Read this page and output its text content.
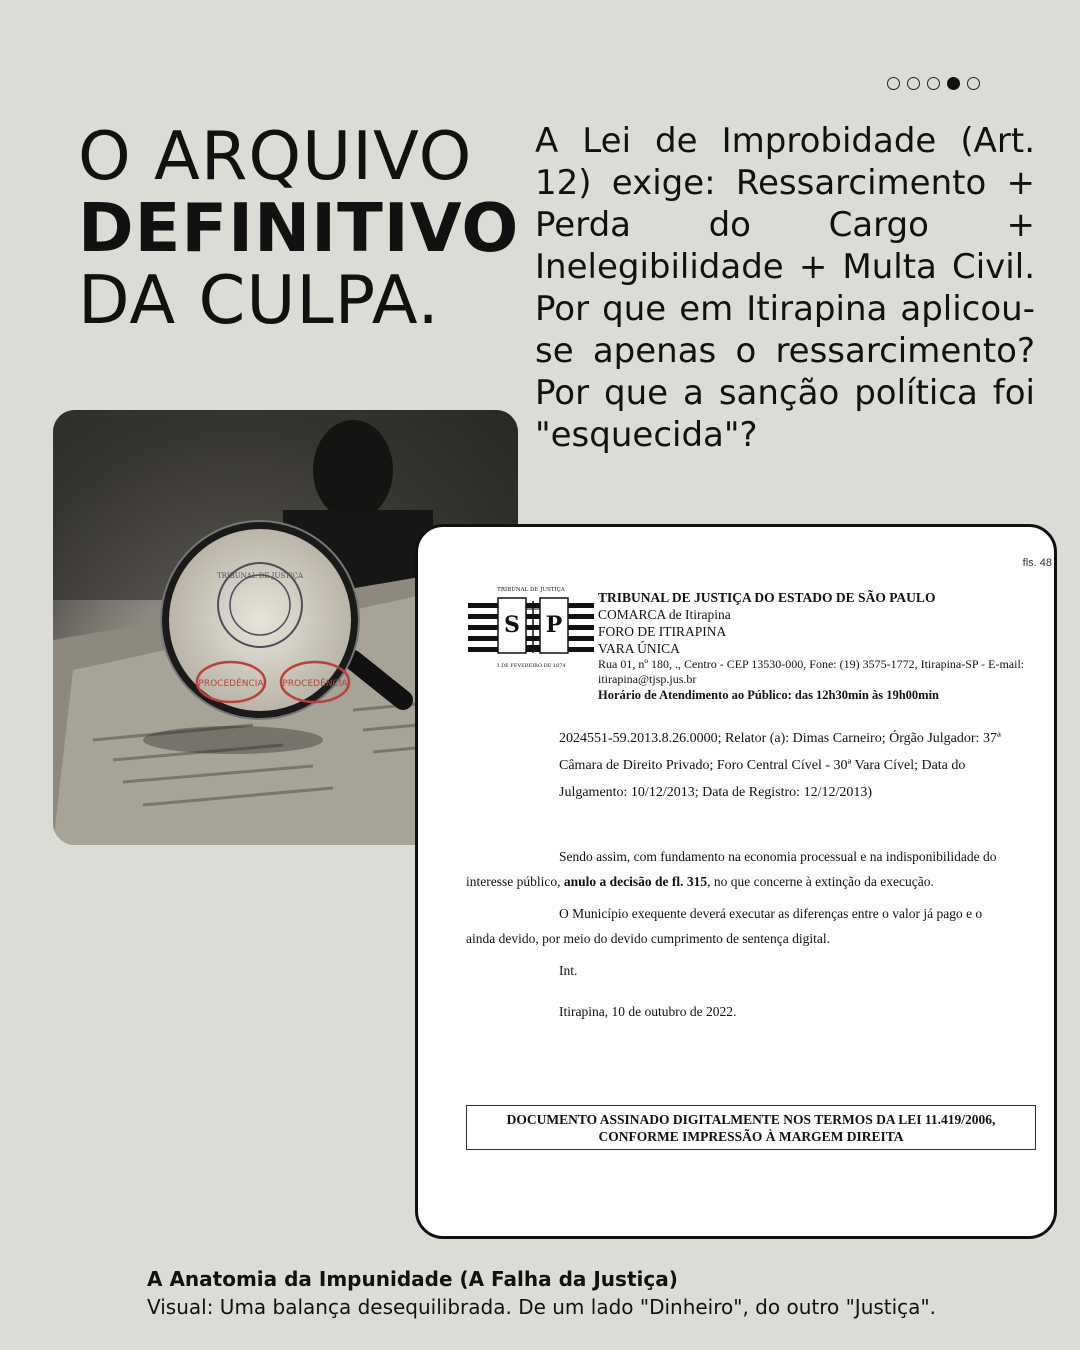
O ARQUIVO
DEFINITIVO
DA CULPA.
A Lei de Improbidade (Art. 12) exige: Ressarcimento + Perda do Cargo + Inelegibilidade + Multa Civil. Por que em Itirapina aplicou-se apenas o ressarcimento? Por que a sanção política foi "esquecida"?
TRIBUNAL DE JUSTIÇA
PROCEDÊNCIA PROCEDÊNCIA
fls. 48
TRIBUNAL DE JUSTIÇA
S P
3 DE FEVEREIRO DE 1874
TRIBUNAL DE JUSTIÇA DO ESTADO DE SÃO PAULO
COMARCA de Itirapina
FORO DE ITIRAPINA
VARA ÚNICA
Rua 01, nº 180, ., Centro - CEP 13530-000, Fone: (19) 3575-1772, Itirapina-SP - E-mail: itirapina@tjsp.jus.br
Horário de Atendimento ao Público: das 12h30min às 19h00min
2024551-59.2013.8.26.0000; Relator (a): Dimas Carneiro; Órgão Julgador: 37ª Câmara de Direito Privado; Foro Central Cível - 30ª Vara Cível; Data do Julgamento: 10/12/2013; Data de Registro: 12/12/2013)
Sendo assim, com fundamento na economia processual e na indisponibilidade do
interesse público, anulo a decisão de fl. 315, no que concerne à extinção da execução.
O Município exequente deverá executar as diferenças entre o valor já pago e o
ainda devido, por meio do devido cumprimento de sentença digital.
Int.
Itirapina, 10 de outubro de 2022.
DOCUMENTO ASSINADO DIGITALMENTE NOS TERMOS DA LEI 11.419/2006,
CONFORME IMPRESSÃO À MARGEM DIREITA
A Anatomia da Impunidade (A Falha da Justiça)
Visual: Uma balança desequilibrada. De um lado "Dinheiro", do outro "Justiça".
